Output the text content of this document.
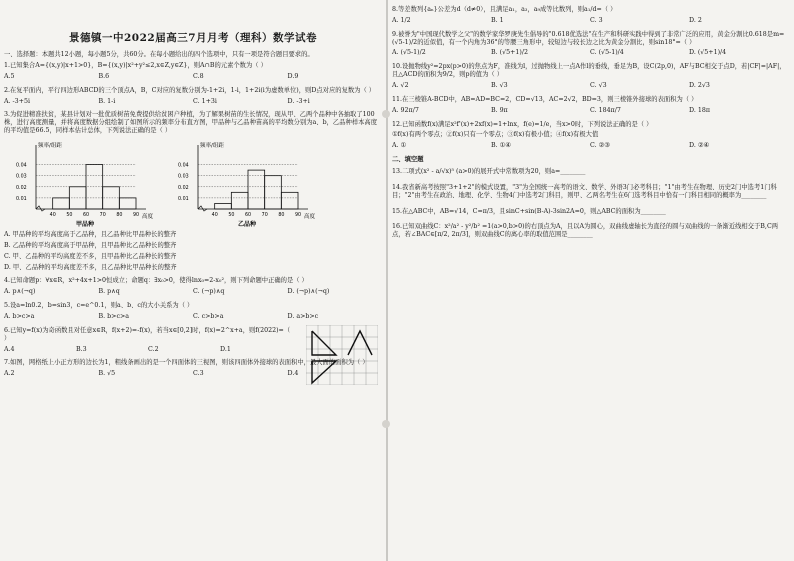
景德镇一中2022届高三7月月考（理科）数学试卷

一、选择题：本题共12小题，每小题5分，共60分。在每小题给出的四个选项中，只有一项是符合题目要求的。

1.已知集合A={(x,y)|x+1>0}，B={(x,y)|x²+y²≤2,x∈Z,y∈Z}，则A∩B的元素个数为（ ）

A.5	B.6	C.8	D.9

2.在复平面内，平行四边形ABCD的三个顶点A，B，C对应的复数分别为-1+2i，1-i，1+2i(i为虚数单位)，则D点对应的复数为（ ）

A. -3+5i	B. 1-i	C. 1+3i	D. -3+i

3.为促进精准扶贫，某县计划对一批优质树苗免费提供给贫困户种植，为了解果树苗的生长情况，现从甲、乙两个品种中各抽取了100株，进行高度测量，并将高度数据分组绘制了如图所示的频率分布直方图，甲品种与乙品种苗高的平均数分别为a、b，乙品种样本高度的平均值是66.5，同样本估计总体，下列说法正确的是（ ）

频率/组距
高度
甲品种
0.04
0.03
0.02
0.01
40 50 60 70 80 90
频率/组距
高度
乙品种
0.04
0.03
0.02
0.01
40 50 60 70 80 90

A. 甲品种的平均高度高于乙品种，且乙品种比甲品种长的整齐

B. 乙品种的平均高度高于甲品种，且甲品种比乙品种长的整齐

C. 甲、乙品种的平均高度差不多，且甲品种比乙品种长的整齐

D. 甲、乙品种的平均高度差不多，且乙品种比甲品种长的整齐

4.已知命题p：∀x∈R，x²+4x+1>0恒成立；命题q：∃x₀>0，使得lnx₀=2-x₀²，则下列命题中正确的是（ ）

A. p∧(¬q)	B. p∧q	C. (¬p)∧q	D. (¬p)∧(¬q)

5.设a=ln0.2，b=sin3，c=e^0.1，则a、b、c的大小关系为（ ）

A. b>c>a	B. b>c>a	C. c>b>a	D. a>b>c

6.已知y=f(x)为奇函数且对任意x∈R，f(x+2)=-f(x)，若当x∈[0,2]时，f(x)=2^x+a，则f(2022)=（ ）

A.4	B.3	C.2	D.1

7.如图，网格纸上小正方形的边长为1，粗线条画出的是一个四面体的三视图，则该四面体外接球的表面积中，最大面的面积为（ ）

A.2	B. √5	C.3	D.4

8.等差数列{aₙ}公差为d（d≠0），且满足a₁，a₃，a₉成等比数列，则a₁/d=（ ）

A. 1/2	B. 1	C. 3	D. 2

9.被誉为"中国现代数学之父"的数学家华罗庚先生倡导的"0.618优选法"在生产和科研实践中得到了非常广泛的应用，黄金分割比0.618是m=(√5-1)/2的近似值，有一个内角为36°的等腰三角形中，较短边与较长边之比为黄金分割比，则sin18°=（ ）

A. (√5-1)/2	B. (√5+1)/2	C. (√5-1)/4	D. (√5+1)/4

10.设抛物线y²=2px(p>0)的焦点为F，准线为l，过抛物线上一点A作l的垂线，垂足为B，设C(2p,0)，AF与BC相交于点D，若|CF|=|AF|，且△ACD的面积为9/2，则p的值为（ ）

A. √2	B. √3	C. √3	D. 2√3

11.在三棱锥A-BCD中，AB=AD=BC=2，CD=√13，AC=2√2，BD=3，则三棱锥外接球的表面积为（ ）

A. 92π/7	B. 9π	C. 184π/7	D. 18π

12.已知函数f(x)满足x²f'(x)+2xf(x)=1+lnx，f(e)=1/e，当x>0时，下列说法正确的是（ ）

①f(x)有两个零点；②f(x)只有一个零点；③f(x)有极小值；④f(x)有极大值

A. ①	B. ①④	C. ②③	D. ②④

二、填空题

13.二项式(x² - a/√x)⁵ (a>0)的展开式中常数项为20，则a=________

14.我省新高考按照"3+1+2"的模式设置，"3"为全国统一高考的语文、数学、外语3门必考科目；"1"由考生在物理、历史2门中选考1门科目；"2"由考生在政治、地理、化学、生物4门中选考2门科目，则甲、乙两名考生在6门选考科目中恰有一门科目相同的概率为________

15.在△ABC中，AB=√14，C=π/3，且sinC+sin(B-A)-3sin2A=0，则△ABC的面积为________

16.已知双曲线C：x²/a² - y²/b² =1(a>0,b>0)的右顶点为A，且以A为圆心，双曲线虚轴长为直径的圆与双曲线的一条渐近线相交于B,C两点，若∠BAC∈[π/2, 2π/3]，则双曲线C的离心率的取值范围是________
